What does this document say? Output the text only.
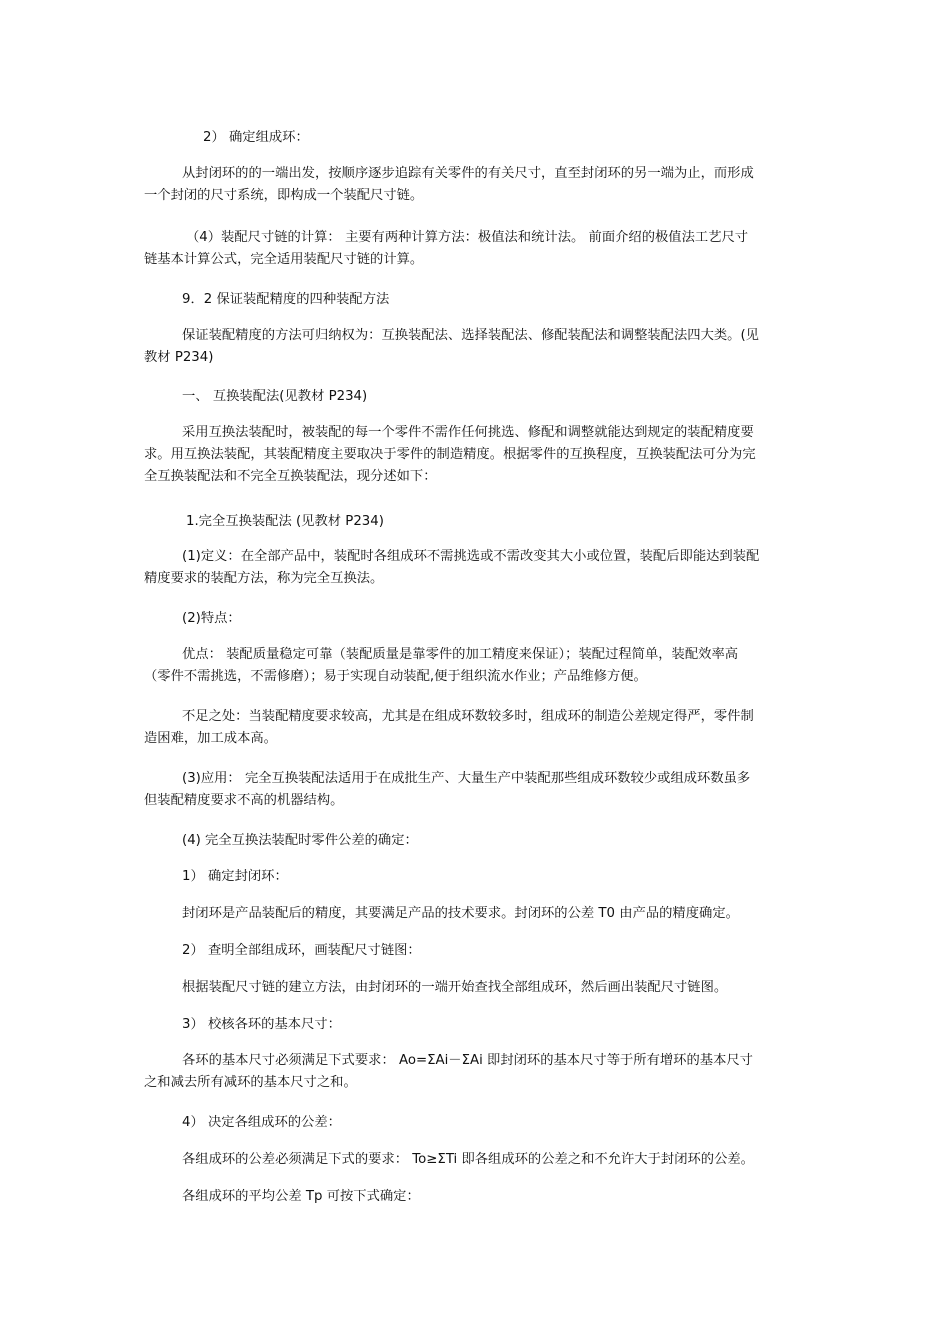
2） 确定组成环：

从封闭环的的一端出发，按顺序逐步追踪有关零件的有关尺寸，直至封闭环的另一端为止，而形成
一个封闭的尺寸系统，即构成一个装配尺寸链。

（4）装配尺寸链的计算： 主要有两种计算方法：极值法和统计法。 前面介绍的极值法工艺尺寸
链基本计算公式，完全适用装配尺寸链的计算。

9．2 保证装配精度的四种装配方法

保证装配精度的方法可归纳权为：互换装配法、选择装配法、修配装配法和调整装配法四大类。(见
教材 P234)

一、 互换装配法(见教材 P234)

采用互换法装配时，被装配的每一个零件不需作任何挑选、修配和调整就能达到规定的装配精度要
求。用互换法装配，其装配精度主要取决于零件的制造精度。根据零件的互换程度，互换装配法可分为完
全互换装配法和不完全互换装配法，现分述如下：

1.完全互换装配法 (见教材 P234)

(1)定义：在全部产品中，装配时各组成环不需挑选或不需改变其大小或位置，装配后即能达到装配
精度要求的装配方法，称为完全互换法。

(2)特点：

优点： 装配质量稳定可靠（装配质量是靠零件的加工精度来保证）；装配过程简单，装配效率高
（零件不需挑选，不需修磨）；易于实现自动装配,便于组织流水作业；产品维修方便。

不足之处：当装配精度要求较高，尤其是在组成环数较多时，组成环的制造公差规定得严，零件制
造困难，加工成本高。

(3)应用： 完全互换装配法适用于在成批生产、大量生产中装配那些组成环数较少或组成环数虽多
但装配精度要求不高的机器结构。

(4) 完全互换法装配时零件公差的确定：

1） 确定封闭环：

封闭环是产品装配后的精度，其要满足产品的技术要求。封闭环的公差 T0 由产品的精度确定。

2） 查明全部组成环，画装配尺寸链图：

根据装配尺寸链的建立方法，由封闭环的一端开始查找全部组成环，然后画出装配尺寸链图。

3） 校核各环的基本尺寸：

各环的基本尺寸必须满足下式要求： Ao=ΣAi－ΣAi 即封闭环的基本尺寸等于所有增环的基本尺寸
之和减去所有减环的基本尺寸之和。

4） 决定各组成环的公差：

各组成环的公差必须满足下式的要求： To≥ΣTi 即各组成环的公差之和不允许大于封闭环的公差。

各组成环的平均公差 Tp 可按下式确定：
